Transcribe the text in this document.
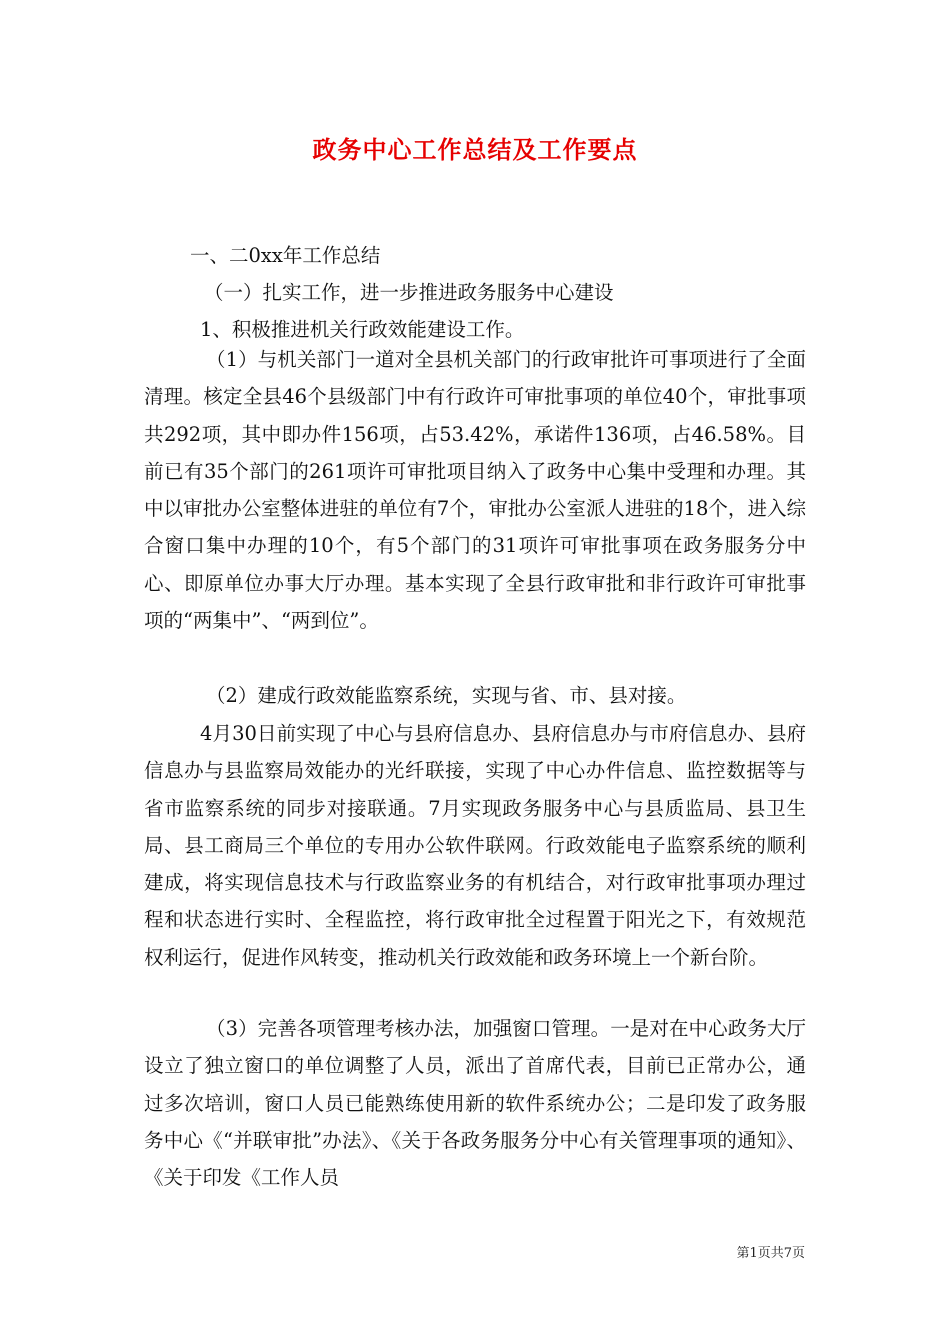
政务中心工作总结及工作要点
一、二0xx年工作总结
（一）扎实工作，进一步推进政务服务中心建设
1、积极推进机关行政效能建设工作。

（1）与机关部门一道对全县机关部门的行政审批许可事项进行了全面清理。核定全县46个县级部门中有行政许可审批事项的单位40个，审批事项共292项，其中即办件156项，占53.42%，承诺件136项，占46.58%。目前已有35个部门的261项许可审批项目纳入了政务中心集中受理和办理。其中以审批办公室整体进驻的单位有7个，审批办公室派人进驻的18个，进入综合窗口集中办理的10个，有5个部门的31项许可审批事项在政务服务分中心、即原单位办事大厅办理。基本实现了全县行政审批和非行政许可审批事项的“两集中”、“两到位”。

（2）建成行政效能监察系统，实现与省、市、县对接。

4月30日前实现了中心与县府信息办、县府信息办与市府信息办、县府信息办与县监察局效能办的光纤联接，实现了中心办件信息、监控数据等与省市监察系统的同步对接联通。7月实现政务服务中心与县质监局、县卫生局、县工商局三个单位的专用办公软件联网。行政效能电子监察系统的顺利建成，将实现信息技术与行政监察业务的有机结合，对行政审批事项办理过程和状态进行实时、全程监控，将行政审批全过程置于阳光之下，有效规范权利运行，促进作风转变，推动机关行政效能和政务环境上一个新台阶。

（3）完善各项管理考核办法，加强窗口管理。一是对在中心政务大厅设立了独立窗口的单位调整了人员，派出了首席代表，目前已正常办公，通过多次培训，窗口人员已能熟练使用新的软件系统办公；二是印发了政务服务中心《“并联审批”办法》、《关于各政务服务分中心有关管理事项的通知》、《关于印发《工作人员

第1页共7页
